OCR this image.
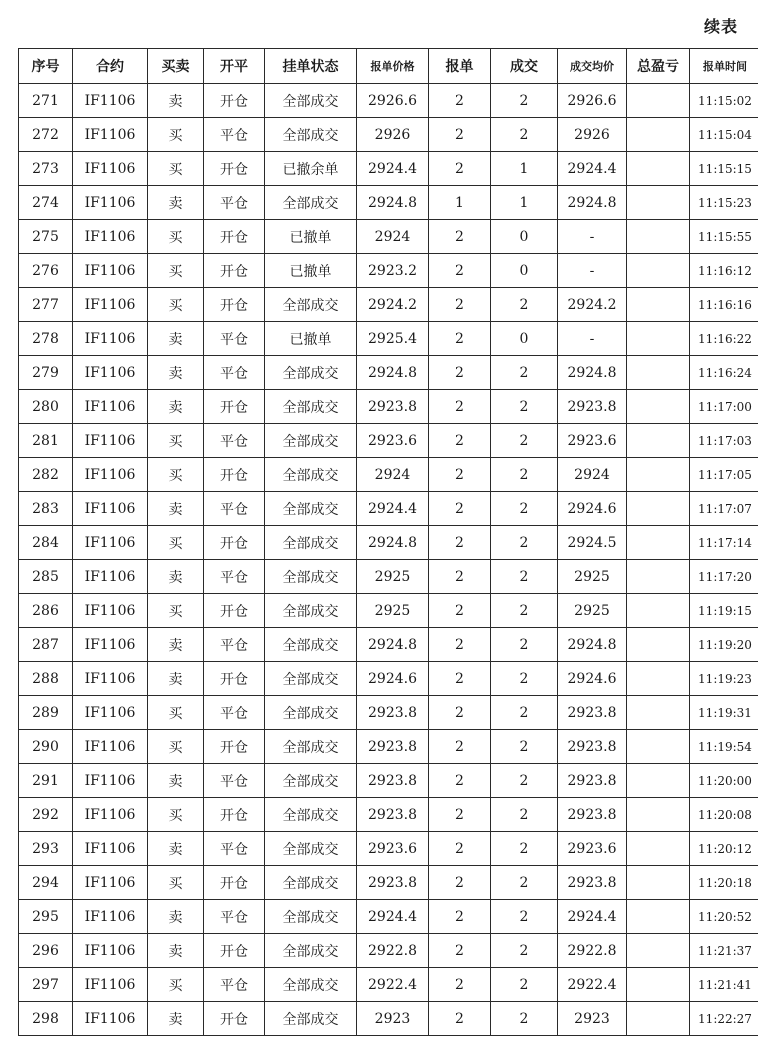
续表
序号	合约	买卖	开平	挂单状态	报单价格	报单	成交	成交均价	总盈亏	报单时间
271	IF1106	卖	开仓	全部成交	2926.6	2	2	2926.6		11:15:02
272	IF1106	买	平仓	全部成交	2926	2	2	2926		11:15:04
273	IF1106	买	开仓	已撤余单	2924.4	2	1	2924.4		11:15:15
274	IF1106	卖	平仓	全部成交	2924.8	1	1	2924.8		11:15:23
275	IF1106	买	开仓	已撤单	2924	2	0	-		11:15:55
276	IF1106	买	开仓	已撤单	2923.2	2	0	-		11:16:12
277	IF1106	买	开仓	全部成交	2924.2	2	2	2924.2		11:16:16
278	IF1106	卖	平仓	已撤单	2925.4	2	0	-		11:16:22
279	IF1106	卖	平仓	全部成交	2924.8	2	2	2924.8		11:16:24
280	IF1106	卖	开仓	全部成交	2923.8	2	2	2923.8		11:17:00
281	IF1106	买	平仓	全部成交	2923.6	2	2	2923.6		11:17:03
282	IF1106	买	开仓	全部成交	2924	2	2	2924		11:17:05
283	IF1106	卖	平仓	全部成交	2924.4	2	2	2924.6		11:17:07
284	IF1106	买	开仓	全部成交	2924.8	2	2	2924.5		11:17:14
285	IF1106	卖	平仓	全部成交	2925	2	2	2925		11:17:20
286	IF1106	买	开仓	全部成交	2925	2	2	2925		11:19:15
287	IF1106	卖	平仓	全部成交	2924.8	2	2	2924.8		11:19:20
288	IF1106	卖	开仓	全部成交	2924.6	2	2	2924.6		11:19:23
289	IF1106	买	平仓	全部成交	2923.8	2	2	2923.8		11:19:31
290	IF1106	买	开仓	全部成交	2923.8	2	2	2923.8		11:19:54
291	IF1106	卖	平仓	全部成交	2923.8	2	2	2923.8		11:20:00
292	IF1106	买	开仓	全部成交	2923.8	2	2	2923.8		11:20:08
293	IF1106	卖	平仓	全部成交	2923.6	2	2	2923.6		11:20:12
294	IF1106	买	开仓	全部成交	2923.8	2	2	2923.8		11:20:18
295	IF1106	卖	平仓	全部成交	2924.4	2	2	2924.4		11:20:52
296	IF1106	卖	开仓	全部成交	2922.8	2	2	2922.8		11:21:37
297	IF1106	买	平仓	全部成交	2922.4	2	2	2922.4		11:21:41
298	IF1106	卖	开仓	全部成交	2923	2	2	2923		11:22:27
